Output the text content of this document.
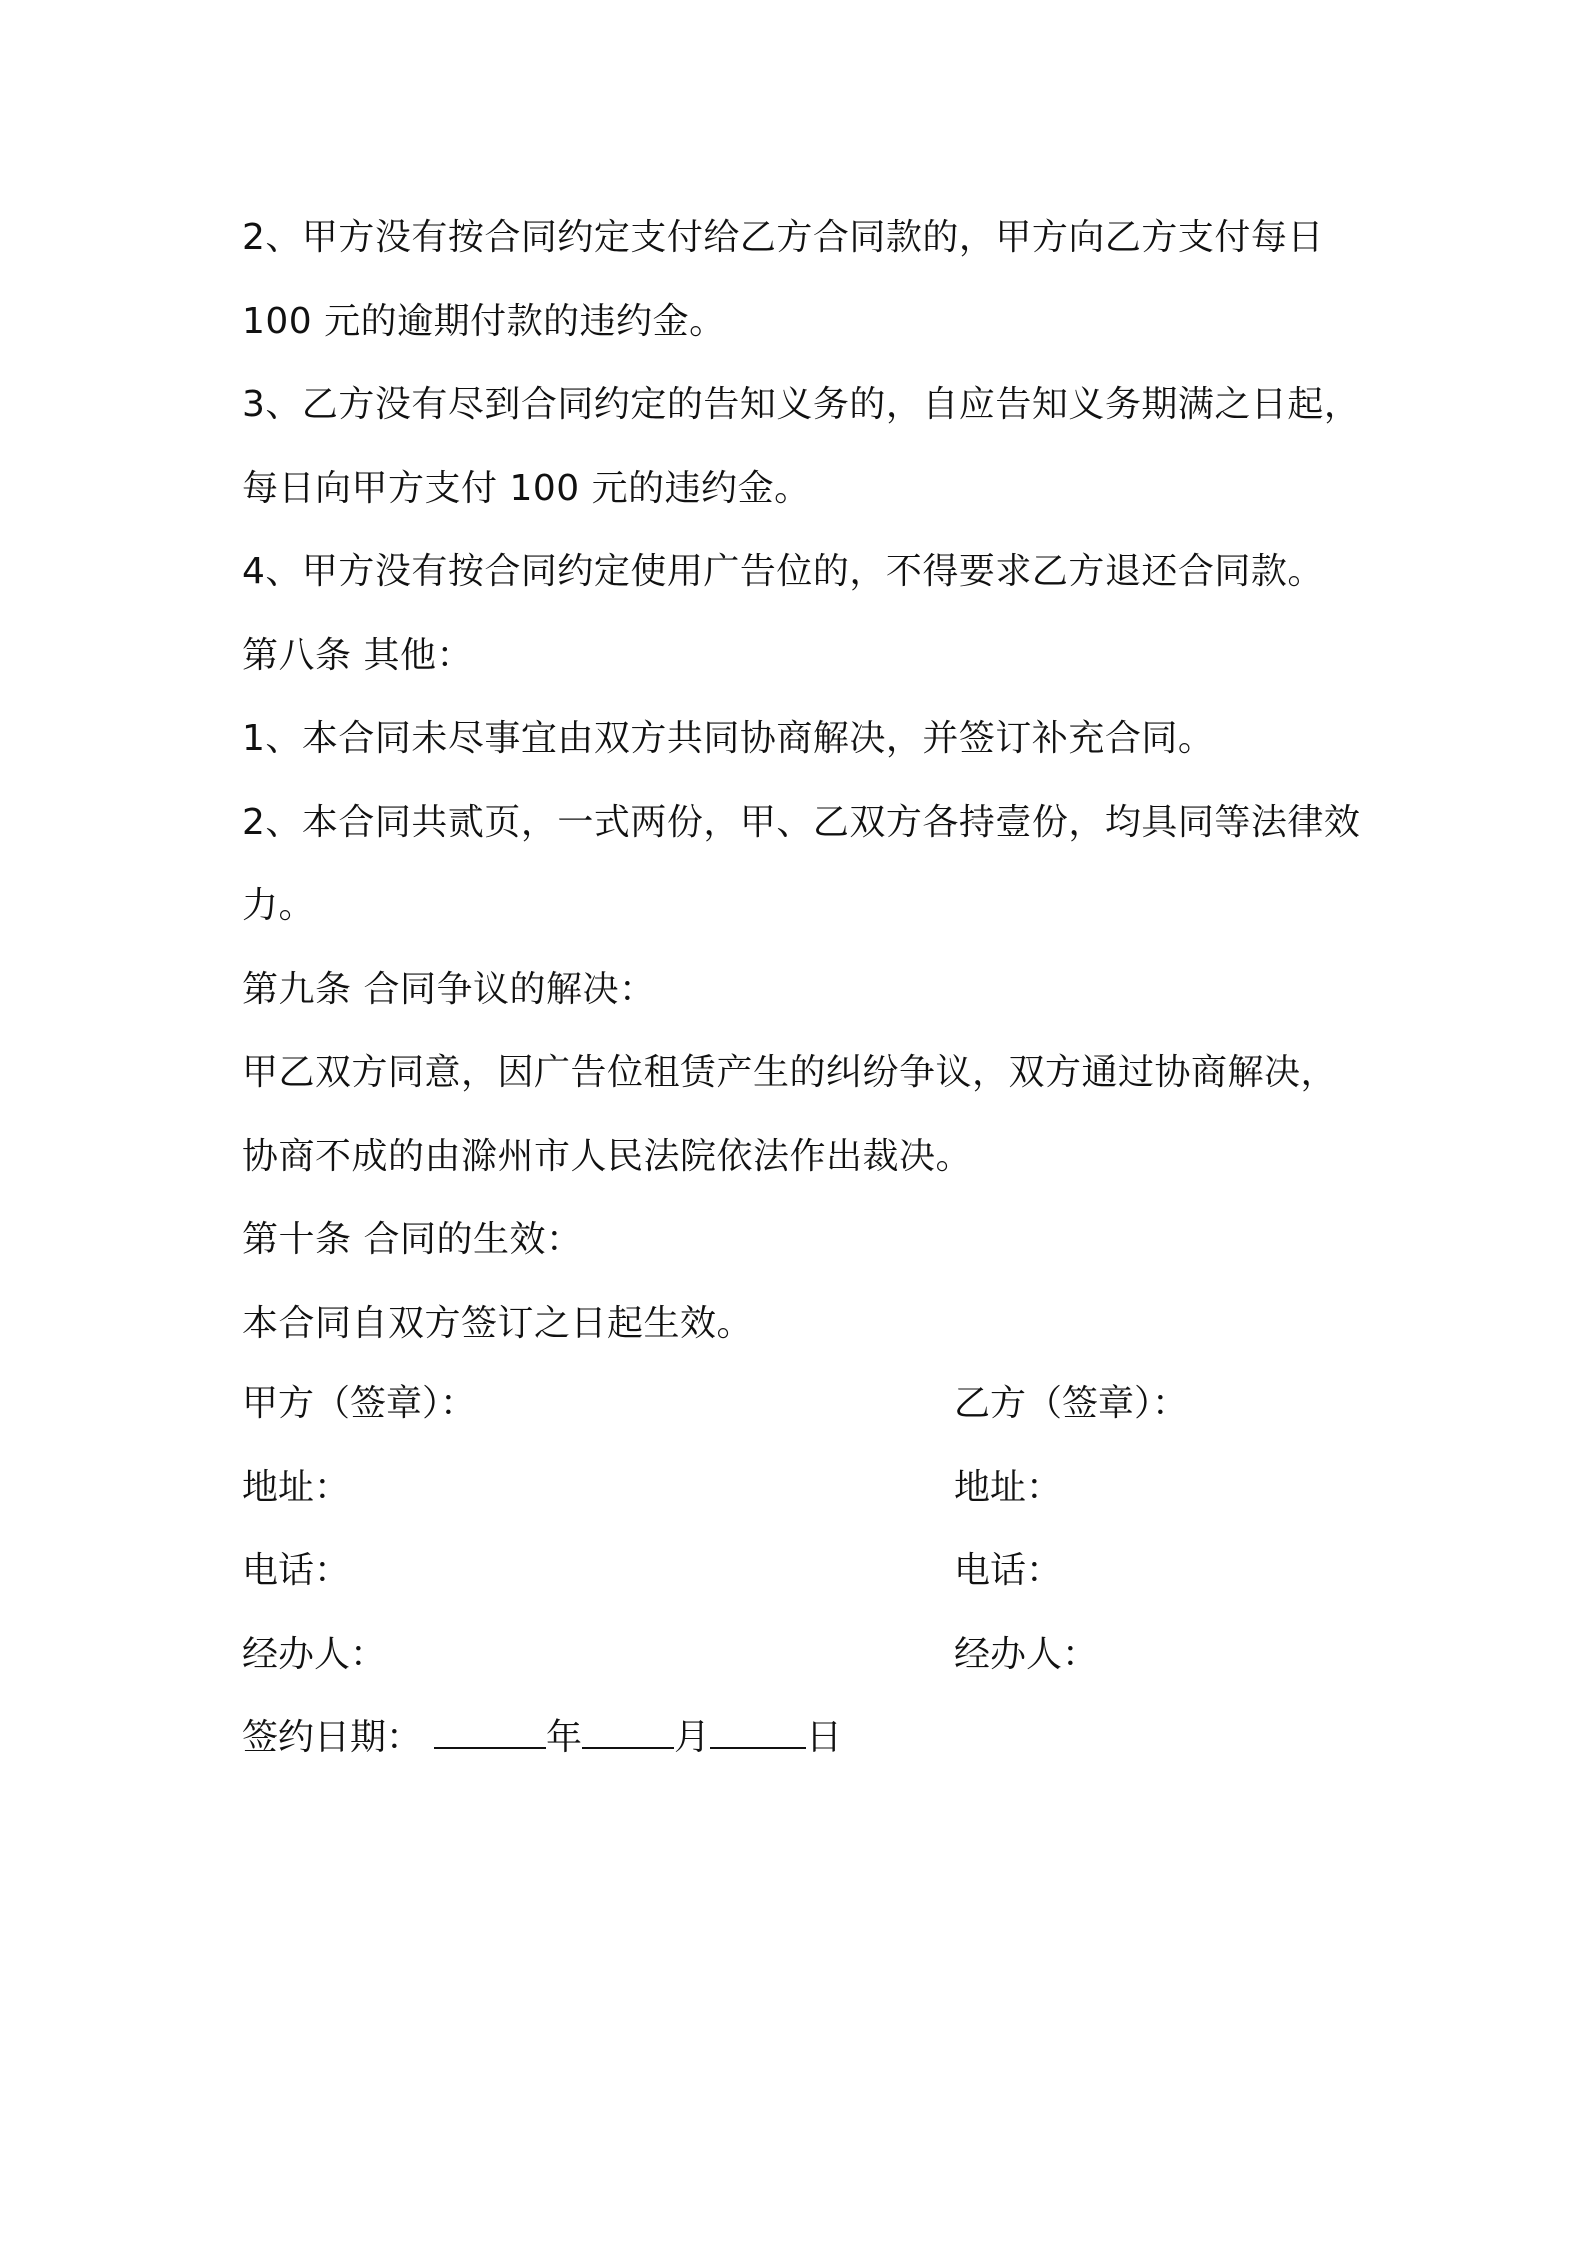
2、甲方没有按合同约定支付给乙方合同款的，甲方向乙方支付每日100 元的逾期付款的违约金。

3、乙方没有尽到合同约定的告知义务的，自应告知义务期满之日起，每日向甲方支付 100 元的违约金。

4、甲方没有按合同约定使用广告位的，不得要求乙方退还合同款。

第八条 其他：

1、本合同未尽事宜由双方共同协商解决，并签订补充合同。

2、本合同共贰页，一式两份，甲、乙双方各持壹份，均具同等法律效力。

第九条 合同争议的解决：

甲乙双方同意，因广告位租赁产生的纠纷争议，双方通过协商解决，协商不成的由滁州市人民法院依法作出裁决。

第十条 合同的生效：

本合同自双方签订之日起生效。

甲方（签章）：	乙方（签章）：
地址：	地址：
电话：	电话：
经办人：	经办人：
签约日期：	年	月	日
